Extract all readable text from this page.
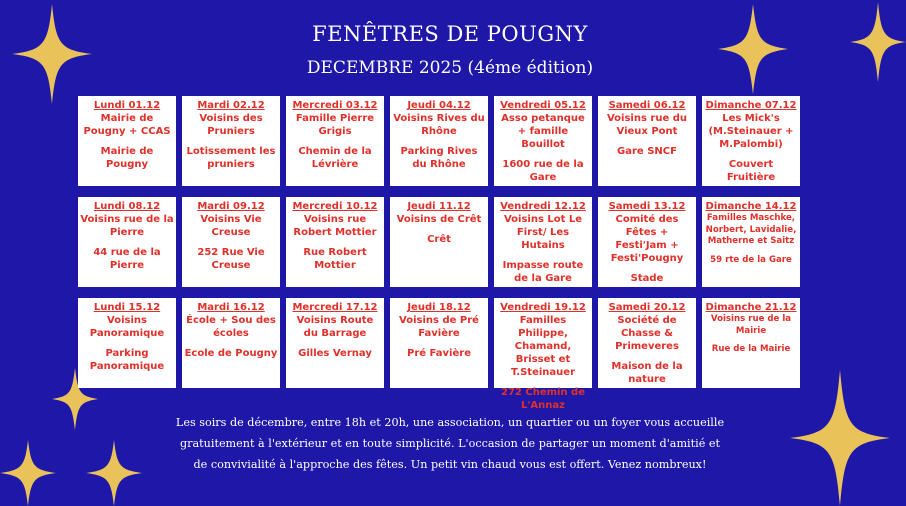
FENÊTRES DE POUGNY
DECEMBRE 2025 (4éme édition)
Lundi 01.12
Mairie de Pougny + CCAS
Mairie de Pougny
Mardi 02.12
Voisins des Pruniers
Lotissement les pruniers
Mercredi 03.12
Famille Pierre Grigis
Chemin de la Lévrière
Jeudi 04.12
Voisins Rives du Rhône
Parking Rives du Rhône
Vendredi 05.12
Asso petanque + famille Bouillot
1600 rue de la Gare
Samedi 06.12
Voisins rue du Vieux Pont
Gare SNCF
Dimanche 07.12
Les Mick's (M.Steinauer + M.Palombi)
Couvert Fruitière
Lundi 08.12
Voisins rue de la Pierre
44 rue de la Pierre
Mardi 09.12
Voisins Vie Creuse
252 Rue Vie Creuse
Mercredi 10.12
Voisins rue Robert Mottier
Rue Robert Mottier
Jeudi 11.12
Voisins de Crêt
Crêt
Vendredi 12.12
Voisins Lot Le First/ Les Hutains
Impasse route de la Gare
Samedi 13.12
Comité des Fêtes + Festi'Jam + Festi'Pougny
Stade
Dimanche 14.12
Familles Maschke, Norbert, Lavidalie, Matherne et Saitz
59 rte de la Gare
Lundi 15.12
Voisins Panoramique
Parking Panoramique
Mardi 16.12
École + Sou des écoles
Ecole de Pougny
Mercredi 17.12
Voisins Route du Barrage
Gilles Vernay
Jeudi 18.12
Voisins de Pré Favière
Pré Favière
Vendredi 19.12
Familles Philippe, Chamand, Brisset et T.Steinauer
272 Chemin de L'Annaz
Samedi 20.12
Société de Chasse & Primeveres
Maison de la nature
Dimanche 21.12
Voisins rue de la Mairie
Rue de la Mairie
Les soirs de décembre, entre 18h et 20h, une association, un quartier ou un foyer vous accueille
gratuitement à l'extérieur et en toute simplicité. L'occasion de partager un moment d'amitié et
de convivialité à l'approche des fêtes. Un petit vin chaud vous est offert. Venez nombreux!
